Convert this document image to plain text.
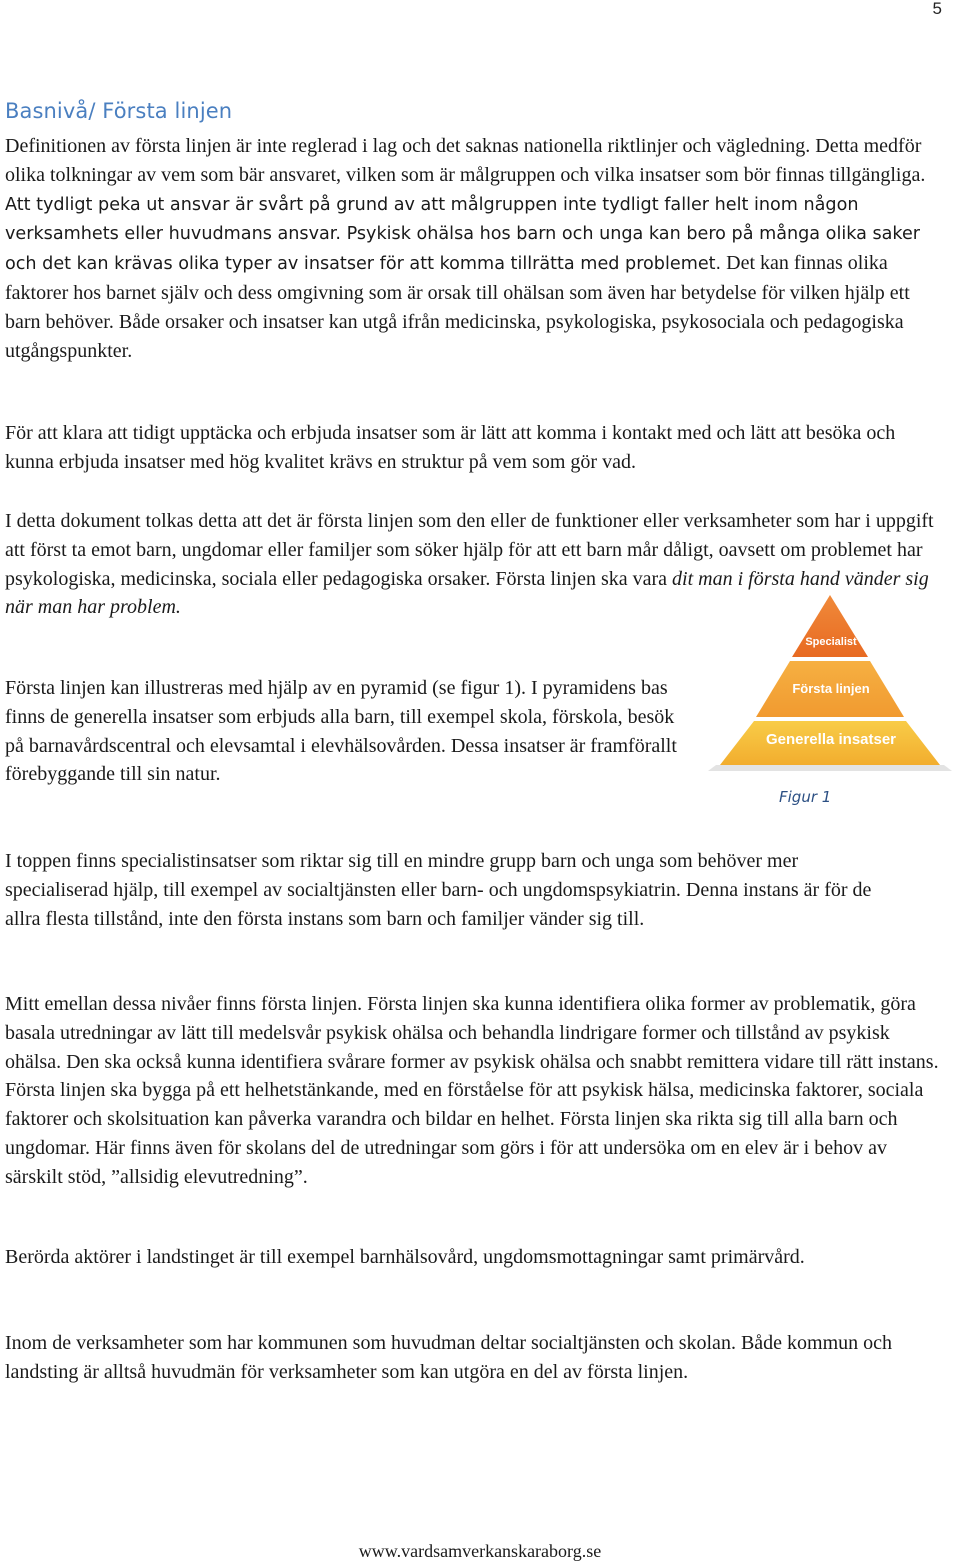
5
Basnivå/ Första linjen

Definitionen av första linjen är inte reglerad i lag och det saknas nationella riktlinjer och vägledning. Detta medför olika tolkningar av vem som bär ansvaret, vilken som är målgruppen och vilka insatser som bör finnas tillgängliga. Att tydligt peka ut ansvar är svårt på grund av att målgruppen inte tydligt faller helt inom någon verksamhets eller huvudmans ansvar. Psykisk ohälsa hos barn och unga kan bero på många olika saker och det kan krävas olika typer av insatser för att komma tillrätta med problemet. Det kan finnas olika faktorer hos barnet själv och dess omgivning som är orsak till ohälsan som även har betydelse för vilken hjälp ett barn behöver. Både orsaker och insatser kan utgå ifrån medicinska, psykologiska, psykosociala och pedagogiska utgångspunkter.

För att klara att tidigt upptäcka och erbjuda insatser som är lätt att komma i kontakt med och lätt att besöka och kunna erbjuda insatser med hög kvalitet krävs en struktur på vem som gör vad.

I detta dokument tolkas detta att det är första linjen som den eller de funktioner eller verksamheter som har i uppgift att först ta emot barn, ungdomar eller familjer som söker hjälp för att ett barn mår dåligt, oavsett om problemet har psykologiska, medicinska, sociala eller pedagogiska orsaker. Första linjen ska vara dit man i första hand vänder sig när man har problem.

Första linjen kan illustreras med hjälp av en pyramid (se figur 1). I pyramidens bas finns de generella insatser som erbjuds alla barn, till exempel skola, förskola, besök på barnavårdscentral och elevsamtal i elevhälsovården. Dessa insatser är framförallt förebyggande till sin natur.

Specialist
Första linjen
Generella insatser
Figur 1

I toppen finns specialistinsatser som riktar sig till en mindre grupp barn och unga som behöver mer specialiserad hjälp, till exempel av socialtjänsten eller barn- och ungdomspsykiatrin. Denna instans är för de allra flesta tillstånd, inte den första instans som barn och familjer vänder sig till.

Mitt emellan dessa nivåer finns första linjen. Första linjen ska kunna identifiera olika former av problematik, göra basala utredningar av lätt till medelsvår psykisk ohälsa och behandla lindrigare former och tillstånd av psykisk ohälsa. Den ska också kunna identifiera svårare former av psykisk ohälsa och snabbt remittera vidare till rätt instans. Första linjen ska bygga på ett helhetstänkande, med en förståelse för att psykisk hälsa, medicinska faktorer, sociala faktorer och skolsituation kan påverka varandra och bildar en helhet. Första linjen ska rikta sig till alla barn och ungdomar. Här finns även för skolans del de utredningar som görs i för att undersöka om en elev är i behov av särskilt stöd, ”allsidig elevutredning”.

Berörda aktörer i landstinget är till exempel barnhälsovård, ungdomsmottagningar samt primärvård.

Inom de verksamheter som har kommunen som huvudman deltar socialtjänsten och skolan. Både kommun och landsting är alltså huvudmän för verksamheter som kan utgöra en del av första linjen.

www.vardsamverkanskaraborg.se
